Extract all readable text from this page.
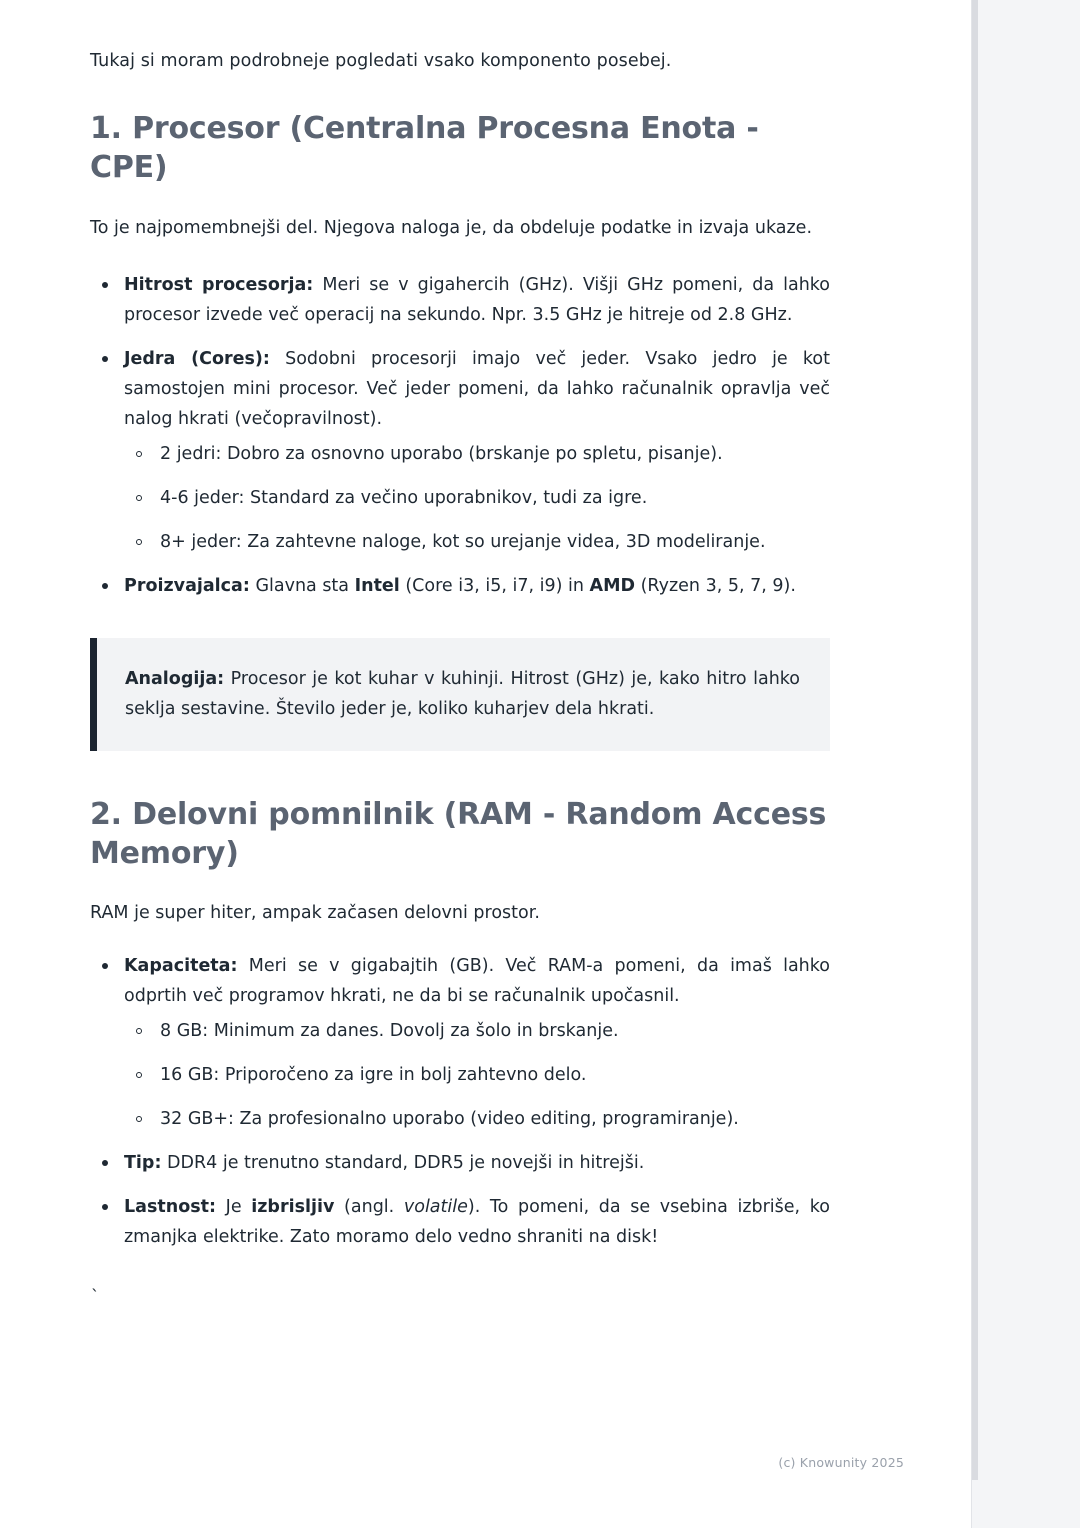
Tukaj si moram podrobneje pogledati vsako komponento posebej.

1. Procesor (Centralna Procesna Enota - CPE)

To je najpomembnejši del. Njegova naloga je, da obdeluje podatke in izvaja ukaze.

Hitrost procesorja: Meri se v gigahercih (GHz). Višji GHz pomeni, da lahko procesor izvede več operacij na sekundo. Npr. 3.5 GHz je hitreje od 2.8 GHz.
Jedra (Cores): Sodobni procesorji imajo več jeder. Vsako jedro je kot samostojen mini procesor. Več jeder pomeni, da lahko računalnik opravlja več nalog hkrati (večopravilnost).
2 jedri: Dobro za osnovno uporabo (brskanje po spletu, pisanje).
4-6 jeder: Standard za večino uporabnikov, tudi za igre.
8+ jeder: Za zahtevne naloge, kot so urejanje videa, 3D modeliranje.
Proizvajalca: Glavna sta Intel (Core i3, i5, i7, i9) in AMD (Ryzen 3, 5, 7, 9).

Analogija: Procesor je kot kuhar v kuhinji. Hitrost (GHz) je, kako hitro lahko seklja sestavine. Število jeder je, koliko kuharjev dela hkrati.

2. Delovni pomnilnik (RAM - Random Access Memory)

RAM je super hiter, ampak začasen delovni prostor.

Kapaciteta: Meri se v gigabajtih (GB). Več RAM-a pomeni, da imaš lahko odprtih več programov hkrati, ne da bi se računalnik upočasnil.
8 GB: Minimum za danes. Dovolj za šolo in brskanje.
16 GB: Priporočeno za igre in bolj zahtevno delo.
32 GB+: Za profesionalno uporabo (video editing, programiranje).
Tip: DDR4 je trenutno standard, DDR5 je novejši in hitrejši.
Lastnost: Je izbrisljiv (angl. volatile). To pomeni, da se vsebina izbriše, ko zmanjka elektrike. Zato moramo delo vedno shraniti na disk!
`
(c) Knowunity 2025
